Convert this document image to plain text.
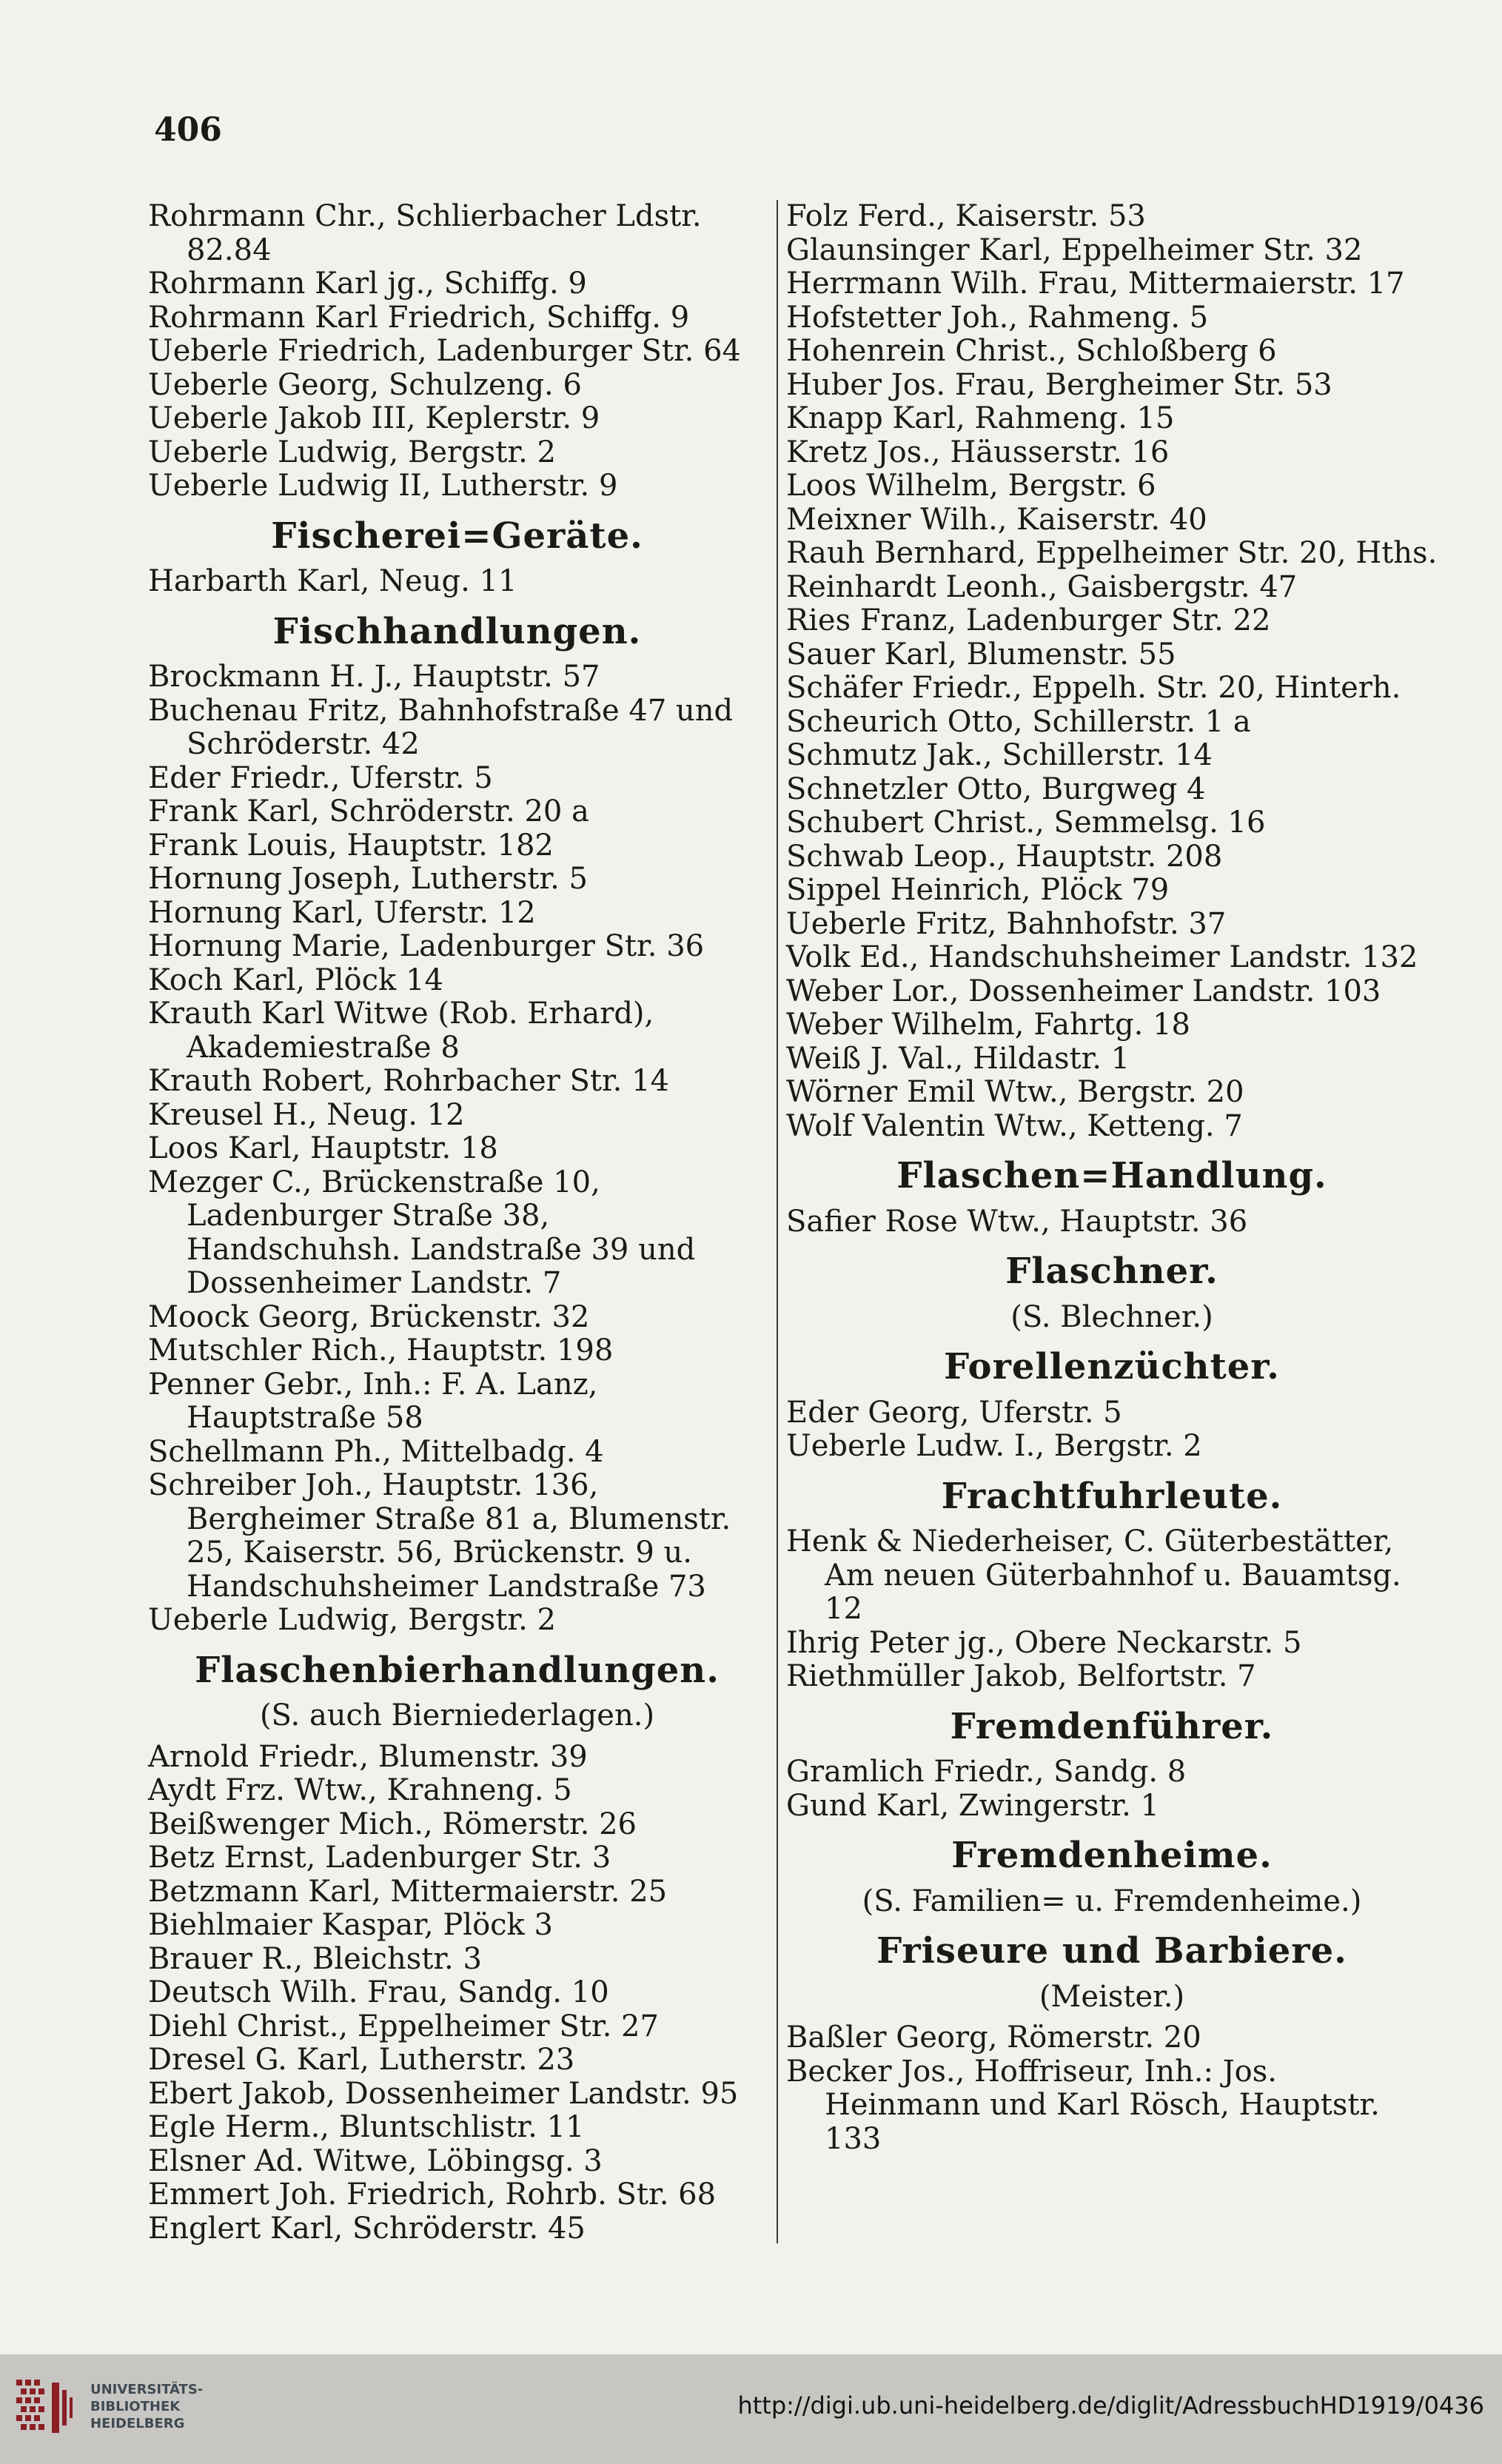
406
Rohrmann Chr., Schlierbacher Ldstr. 82.84
Rohrmann Karl jg., Schiffg. 9
Rohrmann Karl Friedrich, Schiffg. 9
Ueberle Friedrich, Ladenburger Str. 64
Ueberle Georg, Schulzeng. 6
Ueberle Jakob III, Keplerstr. 9
Ueberle Ludwig, Bergstr. 2
Ueberle Ludwig II, Lutherstr. 9
Fischerei=Geräte.
Harbarth Karl, Neug. 11
Fischhandlungen.
Brockmann H. J., Hauptstr. 57
Buchenau Fritz, Bahnhofstraße 47 und Schröderstr. 42
Eder Friedr., Uferstr. 5
Frank Karl, Schröderstr. 20 a
Frank Louis, Hauptstr. 182
Hornung Joseph, Lutherstr. 5
Hornung Karl, Uferstr. 12
Hornung Marie, Ladenburger Str. 36
Koch Karl, Plöck 14
Krauth Karl Witwe (Rob. Erhard), Akademiestraße 8
Krauth Robert, Rohrbacher Str. 14
Kreusel H., Neug. 12
Loos Karl, Hauptstr. 18
Mezger C., Brückenstraße 10, Ladenburger Straße 38, Handschuhsh. Landstraße 39 und Dossenheimer Landstr. 7
Moock Georg, Brückenstr. 32
Mutschler Rich., Hauptstr. 198
Penner Gebr., Inh.: F. A. Lanz, Hauptstraße 58
Schellmann Ph., Mittelbadg. 4
Schreiber Joh., Hauptstr. 136, Bergheimer Straße 81 a, Blumenstr. 25, Kaiserstr. 56, Brückenstr. 9 u. Handschuhsheimer Landstraße 73
Ueberle Ludwig, Bergstr. 2
Flaschenbierhandlungen.
(S. auch Bierniederlagen.)
Arnold Friedr., Blumenstr. 39
Aydt Frz. Wtw., Krahneng. 5
Beißwenger Mich., Römerstr. 26
Betz Ernst, Ladenburger Str. 3
Betzmann Karl, Mittermaierstr. 25
Biehlmaier Kaspar, Plöck 3
Brauer R., Bleichstr. 3
Deutsch Wilh. Frau, Sandg. 10
Diehl Christ., Eppelheimer Str. 27
Dresel G. Karl, Lutherstr. 23
Ebert Jakob, Dossenheimer Landstr. 95
Egle Herm., Bluntschlistr. 11
Elsner Ad. Witwe, Löbingsg. 3
Emmert Joh. Friedrich, Rohrb. Str. 68
Englert Karl, Schröderstr. 45
Folz Ferd., Kaiserstr. 53
Glaunsinger Karl, Eppelheimer Str. 32
Herrmann Wilh. Frau, Mittermaierstr. 17
Hofstetter Joh., Rahmeng. 5
Hohenrein Christ., Schloßberg 6
Huber Jos. Frau, Bergheimer Str. 53
Knapp Karl, Rahmeng. 15
Kretz Jos., Häusserstr. 16
Loos Wilhelm, Bergstr. 6
Meixner Wilh., Kaiserstr. 40
Rauh Bernhard, Eppelheimer Str. 20, Hths.
Reinhardt Leonh., Gaisbergstr. 47
Ries Franz, Ladenburger Str. 22
Sauer Karl, Blumenstr. 55
Schäfer Friedr., Eppelh. Str. 20, Hinterh.
Scheurich Otto, Schillerstr. 1 a
Schmutz Jak., Schillerstr. 14
Schnetzler Otto, Burgweg 4
Schubert Christ., Semmelsg. 16
Schwab Leop., Hauptstr. 208
Sippel Heinrich, Plöck 79
Ueberle Fritz, Bahnhofstr. 37
Volk Ed., Handschuhsheimer Landstr. 132
Weber Lor., Dossenheimer Landstr. 103
Weber Wilhelm, Fahrtg. 18
Weiß J. Val., Hildastr. 1
Wörner Emil Wtw., Bergstr. 20
Wolf Valentin Wtw., Ketteng. 7
Flaschen=Handlung.
Safier Rose Wtw., Hauptstr. 36
Flaschner.
(S. Blechner.)
Forellenzüchter.
Eder Georg, Uferstr. 5
Ueberle Ludw. I., Bergstr. 2
Frachtfuhrleute.
Henk & Niederheiser, C. Güterbestätter, Am neuen Güterbahnhof u. Bauamtsg. 12
Ihrig Peter jg., Obere Neckarstr. 5
Riethmüller Jakob, Belfortstr. 7
Fremdenführer.
Gramlich Friedr., Sandg. 8
Gund Karl, Zwingerstr. 1
Fremdenheime.
(S. Familien= u. Fremdenheime.)
Friseure und Barbiere.
(Meister.)
Baßler Georg, Römerstr. 20
Becker Jos., Hoffriseur, Inh.: Jos. Heinmann und Karl Rösch, Hauptstr. 133
UNIVERSITÄTS-
BIBLIOTHEK
HEIDELBERG
http://digi.ub.uni-heidelberg.de/diglit/AdressbuchHD1919/0436
